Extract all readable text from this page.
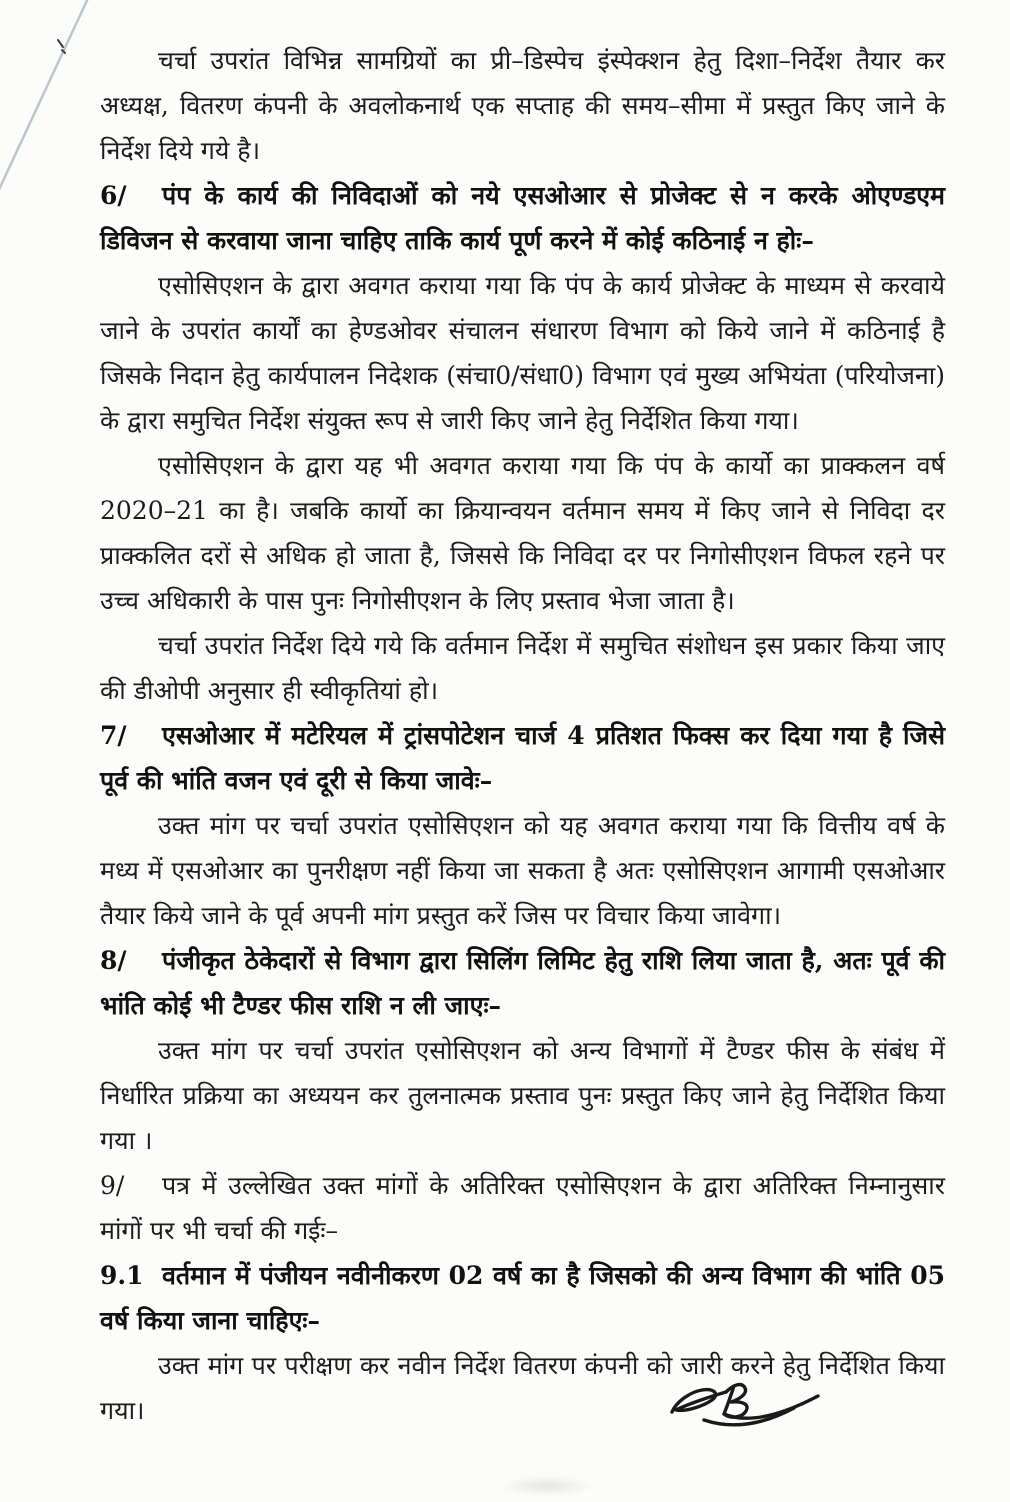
चर्चा उपरांत विभिन्न सामग्रियों का प्री–डिस्पेच इंस्पेक्शन हेतु दिशा–निर्देश तैयार कर अध्यक्ष, वितरण कंपनी के अवलोकनार्थ एक सप्ताह की समय–सीमा में प्रस्तुत किए जाने के निर्देश दिये गये है।

6/ पंप के कार्य की निविदाओं को नये एसओआर से प्रोजेक्ट से न करके ओएण्डएम डिविजन से करवाया जाना चाहिए ताकि कार्य पूर्ण करने में कोई कठिनाई न होः–

एसोसिएशन के द्वारा अवगत कराया गया कि पंप के कार्य प्रोजेक्ट के माध्यम से करवाये जाने के उपरांत कार्यों का हेण्डओवर संचालन संधारण विभाग को किये जाने में कठिनाई है जिसके निदान हेतु कार्यपालन निदेशक (संचा0/संधा0) विभाग एवं मुख्य अभियंता (परियोजना) के द्वारा समुचित निर्देश संयुक्त रूप से जारी किए जाने हेतु निर्देशित किया गया।

एसोसिएशन के द्वारा यह भी अवगत कराया गया कि पंप के कार्यो का प्राक्कलन वर्ष 2020–21 का है। जबकि कार्यो का क्रियान्वयन वर्तमान समय में किए जाने से निविदा दर प्राक्कलित दरों से अधिक हो जाता है, जिससे कि निविदा दर पर निगोसीएशन विफल रहने पर उच्च अधिकारी के पास पुनः निगोसीएशन के लिए प्रस्ताव भेजा जाता है।

चर्चा उपरांत निर्देश दिये गये कि वर्तमान निर्देश में समुचित संशोधन इस प्रकार किया जाए की डीओपी अनुसार ही स्वीकृतियां हो।

7/ एसओआर में मटेरियल में ट्रांसपोटेशन चार्ज 4 प्रतिशत फिक्स कर दिया गया है जिसे पूर्व की भांति वजन एवं दूरी से किया जावेः–

उक्त मांग पर चर्चा उपरांत एसोसिएशन को यह अवगत कराया गया कि वित्तीय वर्ष के मध्य में एसओआर का पुनरीक्षण नहीं किया जा सकता है अतः एसोसिएशन आगामी एसओआर तैयार किये जाने के पूर्व अपनी मांग प्रस्तुत करें जिस पर विचार किया जावेगा।

8/ पंजीकृत ठेकेदारों से विभाग द्वारा सिलिंग लिमिट हेतु राशि लिया जाता है, अतः पूर्व की भांति कोई भी टैण्डर फीस राशि न ली जाएः–

उक्त मांग पर चर्चा उपरांत एसोसिएशन को अन्य विभागों में टैण्डर फीस के संबंध में निर्धारित प्रक्रिया का अध्ययन कर तुलनात्मक प्रस्ताव पुनः प्रस्तुत किए जाने हेतु निर्देशित किया गया ।

9/ पत्र में उल्लेखित उक्त मांगों के अतिरिक्त एसोसिएशन के द्वारा अतिरिक्त निम्नानुसार मांगों पर भी चर्चा की गईः–

9.1 वर्तमान में पंजीयन नवीनीकरण 02 वर्ष का है जिसको की अन्य विभाग की भांति 05 वर्ष किया जाना चाहिएः–

उक्त मांग पर परीक्षण कर नवीन निर्देश वितरण कंपनी को जारी करने हेतु निर्देशित किया गया।
